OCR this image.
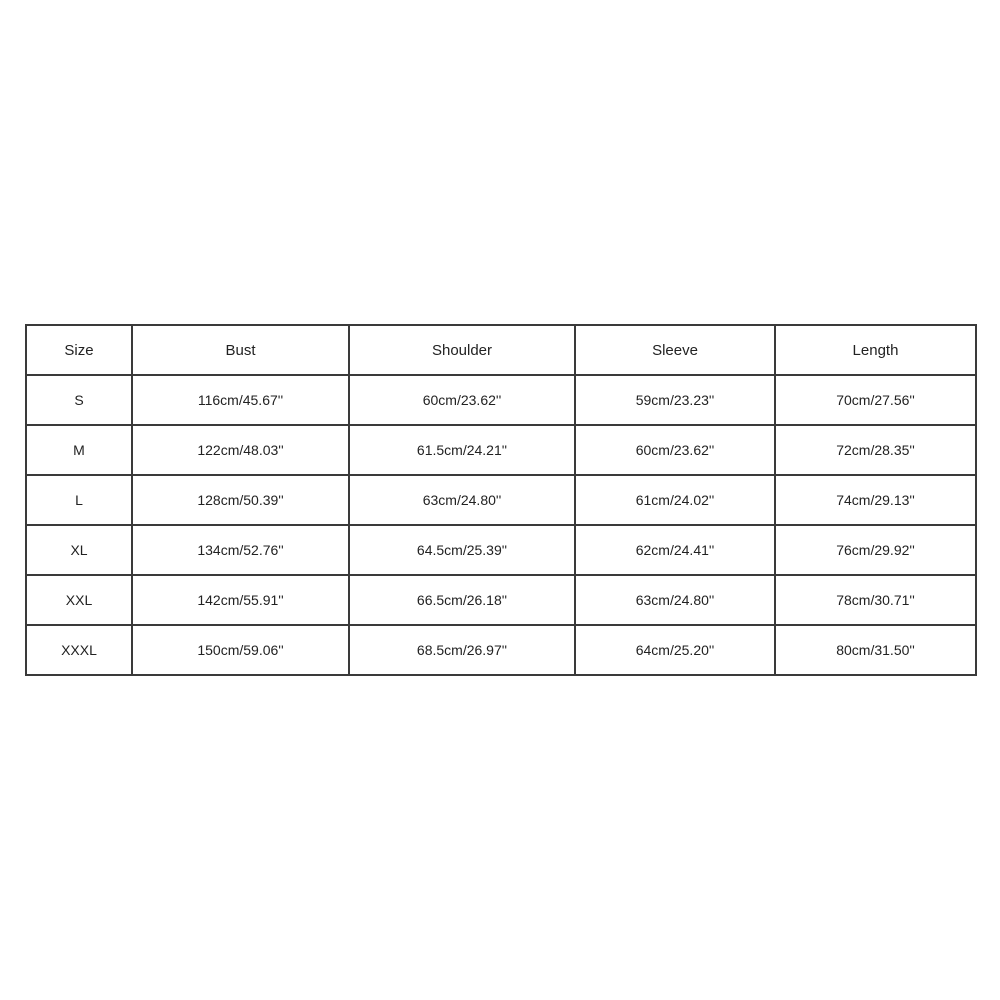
Size	Bust	Shoulder	Sleeve	Length
S	116cm/45.67''	60cm/23.62''	59cm/23.23''	70cm/27.56''
M	122cm/48.03''	61.5cm/24.21''	60cm/23.62''	72cm/28.35''
L	128cm/50.39''	63cm/24.80''	61cm/24.02''	74cm/29.13''
XL	134cm/52.76''	64.5cm/25.39''	62cm/24.41''	76cm/29.92''
XXL	142cm/55.91''	66.5cm/26.18''	63cm/24.80''	78cm/30.71''
XXXL	150cm/59.06''	68.5cm/26.97''	64cm/25.20''	80cm/31.50''
